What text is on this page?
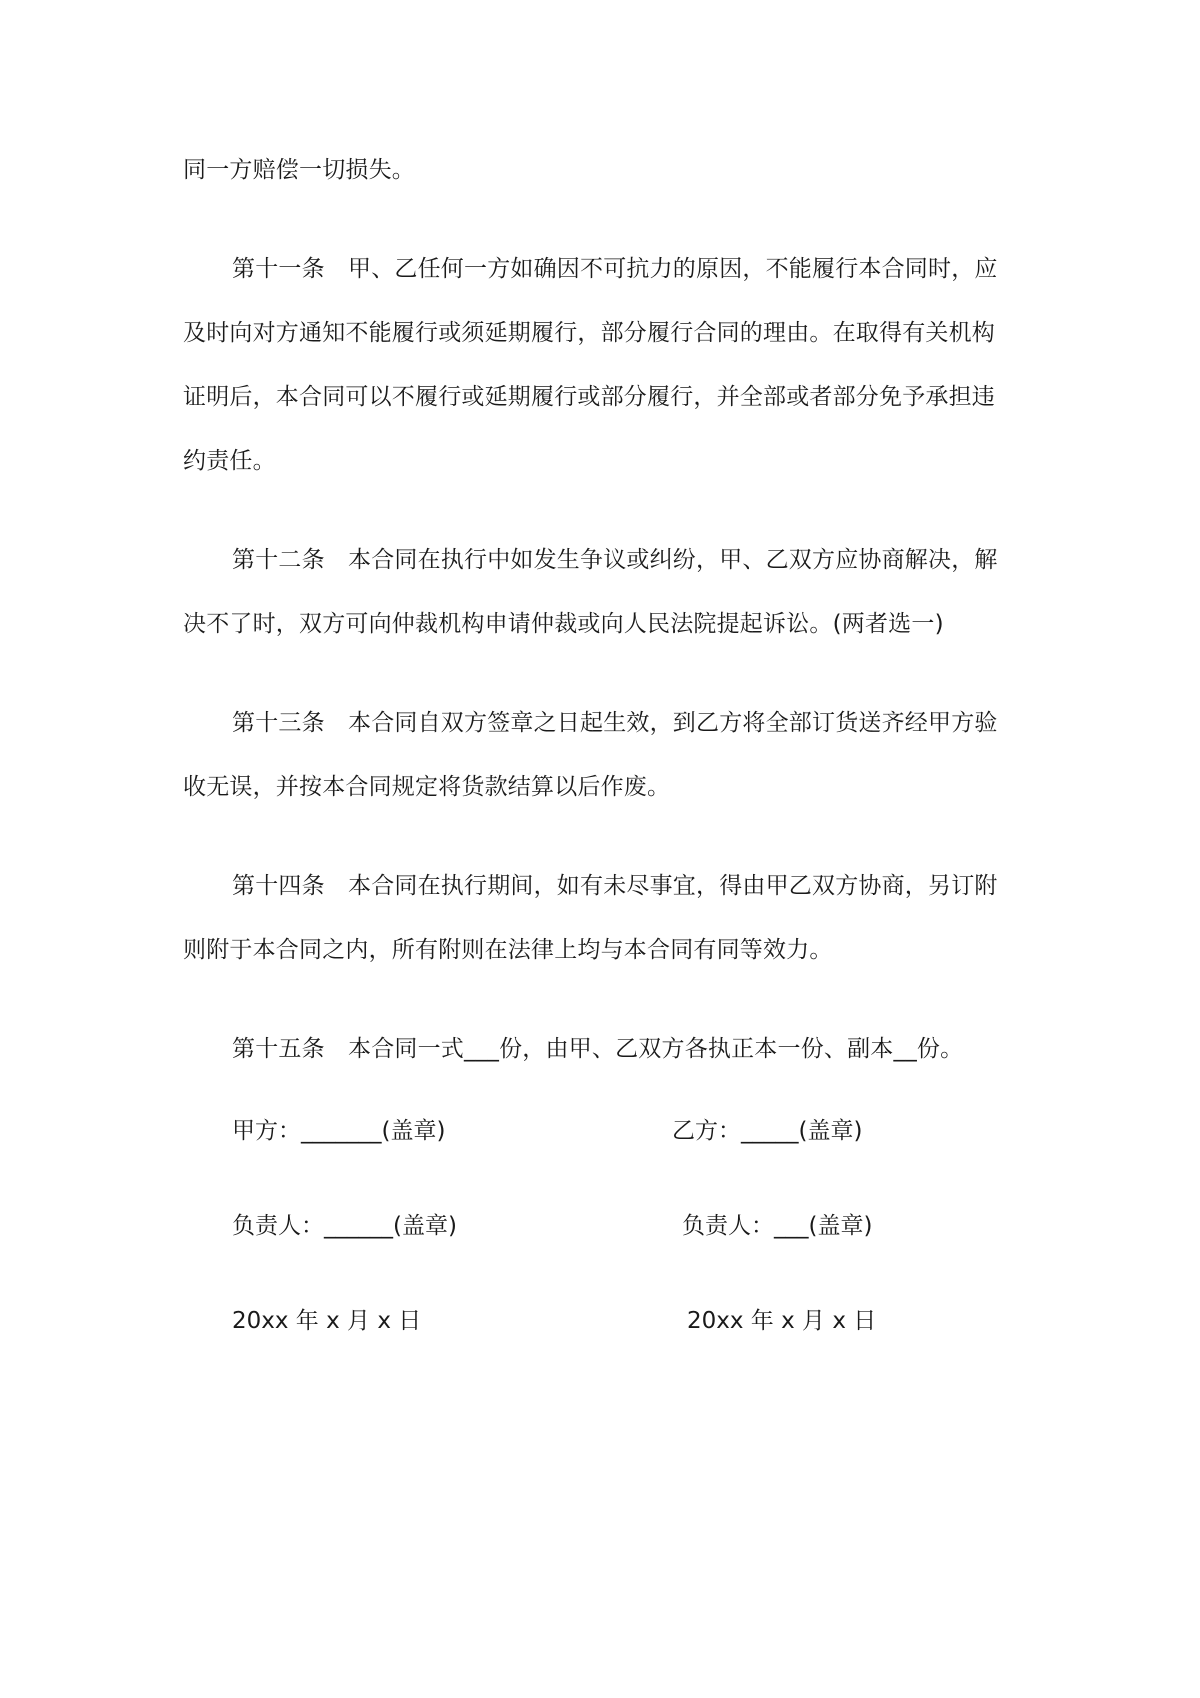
同一方赔偿一切损失。
第十一条　甲、乙任何一方如确因不可抗力的原因，不能履行本合同时，应
及时向对方通知不能履行或须延期履行，部分履行合同的理由。在取得有关机构
证明后，本合同可以不履行或延期履行或部分履行，并全部或者部分免予承担违
约责任。
第十二条　本合同在执行中如发生争议或纠纷，甲、乙双方应协商解决，解
决不了时，双方可向仲裁机构申请仲裁或向人民法院提起诉讼。(两者选一)
第十三条　本合同自双方签章之日起生效，到乙方将全部订货送齐经甲方验
收无误，并按本合同规定将货款结算以后作废。
第十四条　本合同在执行期间，如有未尽事宜，得由甲乙双方协商，另订附
则附于本合同之内，所有附则在法律上均与本合同有同等效力。
第十五条　本合同一式___份，由甲、乙双方各执正本一份、副本__份。
甲方：_______(盖章)	乙方：_____(盖章)
负责人：______(盖章)	负责人：___(盖章)
20xx 年 x 月 x 日	20xx 年 x 月 x 日
